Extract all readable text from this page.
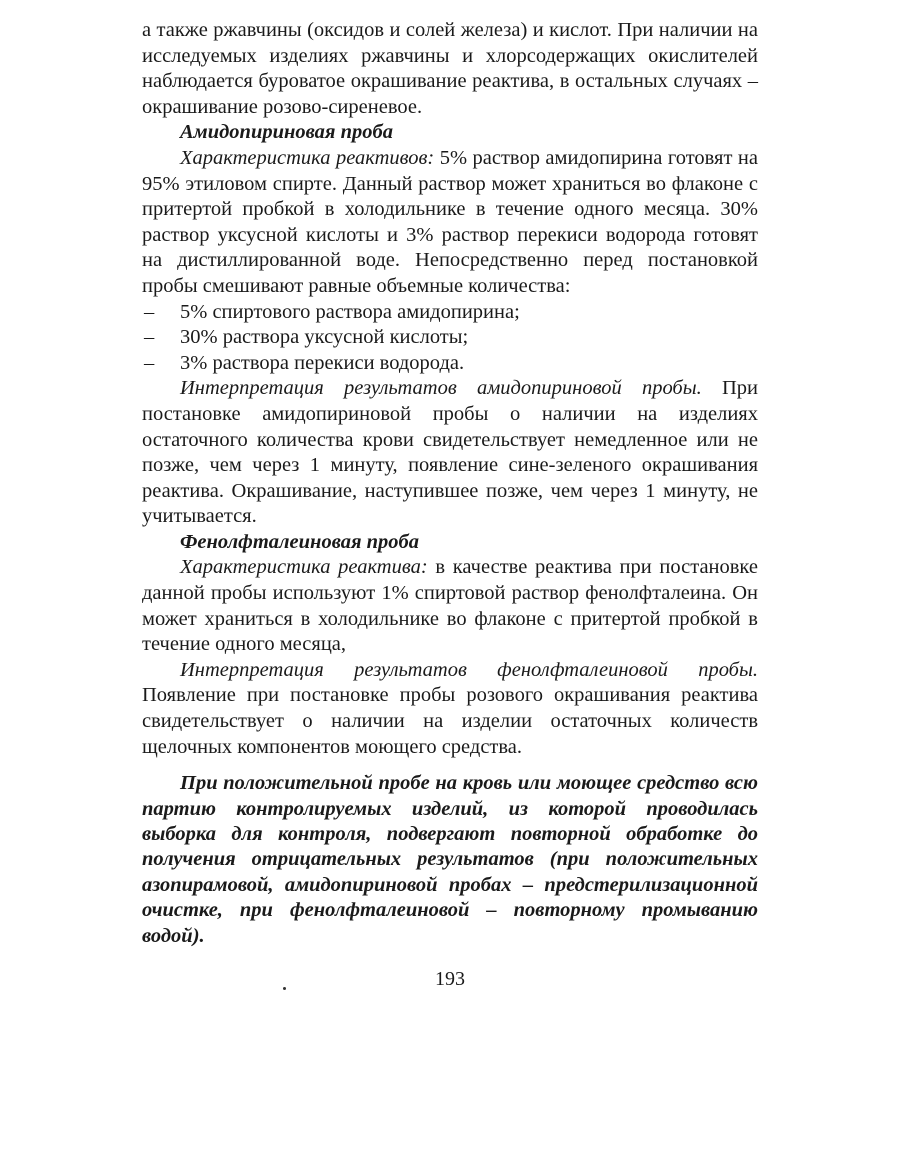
а также ржавчины (оксидов и солей железа) и кислот. При наличии на исследуемых изделиях ржавчины и хлорсодержащих окислителей наблюдается буроватое окрашивание реактива, в остальных случаях – окрашивание розово-сиреневое.

Амидопириновая проба

Характеристика реактивов: 5% раствор амидопирина готовят на 95% этиловом спирте. Данный раствор может храниться во флаконе с притертой пробкой в холодильнике в течение одного месяца. 30% раствор уксусной кислоты и 3% раствор перекиси водорода готовят на дистиллированной воде. Непосредственно перед постановкой пробы смешивают равные объемные количества:

– 5% спиртового раствора амидопирина;
– 30% раствора уксусной кислоты;
– 3% раствора перекиси водорода.

Интерпретация результатов амидопириновой пробы. При постановке амидопириновой пробы о наличии на изделиях остаточного количества крови свидетельствует немедленное или не позже, чем через 1 минуту, появление сине-зеленого окрашивания реактива. Окрашивание, наступившее позже, чем через 1 минуту, не учитывается.

Фенолфталеиновая проба

Характеристика реактива: в качестве реактива при постановке данной пробы используют 1% спиртовой раствор фенолфталеина. Он может храниться в холодильнике во флаконе с притертой пробкой в течение одного месяца,

Интерпретация результатов фенолфталеиновой пробы. Появление при постановке пробы розового окрашивания реактива свидетельствует о наличии на изделии остаточных количеств щелочных компонентов моющего средства.

При положительной пробе на кровь или моющее средство всю партию контролируемых изделий, из которой проводилась выборка для контроля, подвергают повторной обработке до получения отрицательных результатов (при положительных азопирамовой, амидопириновой пробах – предстерилизационной очистке, при фенолфталеиновой – повторному промыванию водой).

193
